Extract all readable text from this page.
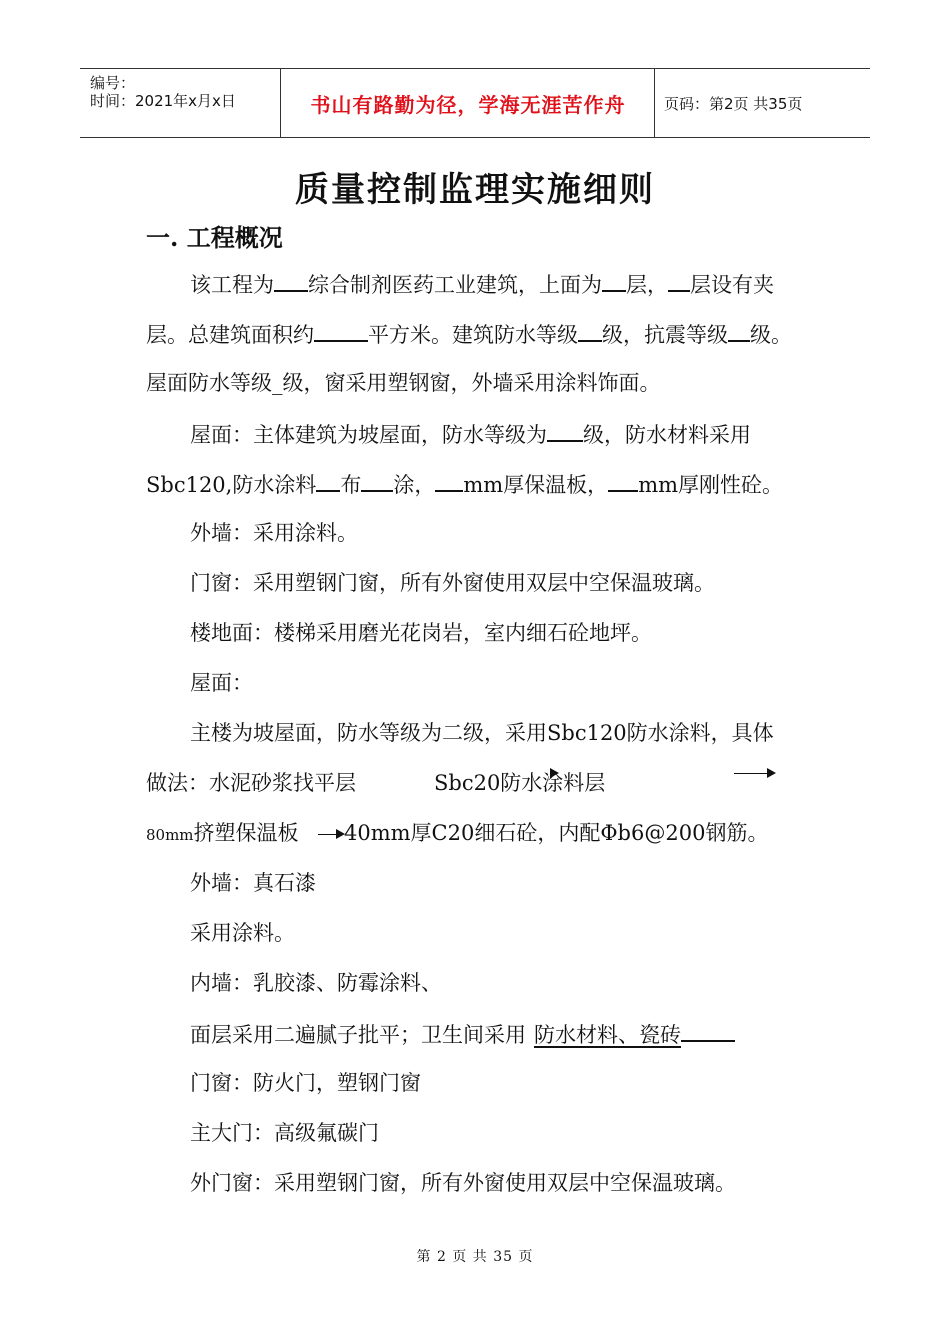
编号：
时间：2021年x月x日	书山有路勤为径，学海无涯苦作舟	页码：第2页 共35页
质量控制监理实施细则
一. 工程概况
该工程为 综合制剂医药工业建筑，上面为 层， 层设有夹
层。总建筑面积约	平方米。建筑防水等级 级，抗震等级 级。
屋面防水等级_级，窗采用塑钢窗，外墙采用涂料饰面。
屋面：主体建筑为坡屋面，防水等级为 级，防水材料采用
Sbc120,防水涂料 布 涂， mm厚保温板， mm厚刚性砼。
外墙：采用涂料。
门窗：采用塑钢门窗，所有外窗使用双层中空保温玻璃。
楼地面：楼梯采用磨光花岗岩，室内细石砼地坪。
屋面：
主楼为坡屋面，防水等级为二级，采用Sbc120防水涂料，具体
做法：水泥砂浆找平层	Sbc20防水涂料层
80mm挤塑保温板 40mm厚C20细石砼，内配Φb6@200钢筋。
外墙：真石漆
采用涂料。
内墙：乳胶漆、防霉涂料、
面层采用二遍腻子批平；卫生间采用 防水材料、瓷砖
门窗：防火门，塑钢门窗
主大门：高级氟碳门
外门窗：采用塑钢门窗，所有外窗使用双层中空保温玻璃。
第 2 页 共 35 页
